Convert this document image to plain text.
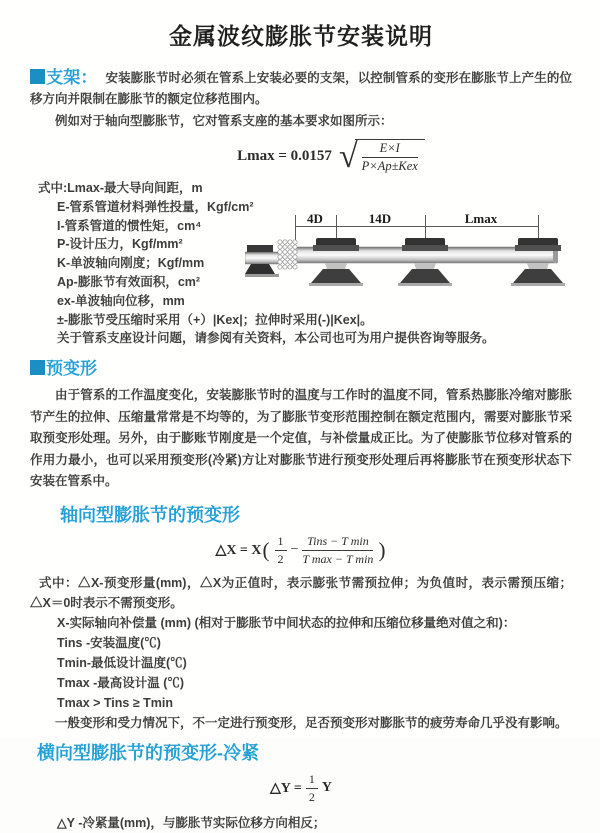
金属波纹膨胀节安装说明

支架： 安装膨胀节时必须在管系上安装必要的支架，以控制管系的变形在膨胀节上产生的位移方向并限制在膨胀节的额定位移范围内。

例如对于轴向型膨胀节，它对管系支座的基本要求如图所示：

Lmax = 0.0157 √	E×I
P×Ap±Kex
式中:Lmax-最大导向间距，m
E-管系管道材料弹性投量，Kgf/cm²
I-管系管道的惯性矩，cm⁴
P-设计压力，Kgf/mm²
K-单波轴向刚度；Kgf/mm
Ap-膨胀节有效面积，cm²
ex-单波轴向位移，mm
±-膨胀节受压缩时采用（+）|Kex|；拉伸时采用(-)|Kex|。
关于管系支座设计问题，请参阅有关资料，本公司也可为用户提供咨询等服务。
4D	14D	Lmax

预变形

由于管系的工作温度变化，安装膨胀节时的温度与工作时的温度不同，管系热膨胀冷缩对膨胀节产生的拉伸、压缩量常常是不均等的，为了膨胀节变形范围控制在额定范围内，需要对膨胀节采取预变形处理。另外，由于膨账节刚度是一个定值，与补偿量成正比。为了使膨胀节位移对管系的作用力最小，也可以采用预变形(冷紧)方让对膨胀节进行预变形处理后再将膨胀节在预变形状态下安装在管系中。

轴向型膨胀节的预变形
△X = X ( $\frac{1}{2}$ −
Tins − T min
T max − T min )

式中：△X-预变形量(mm)，△X为正值时，表示膨张节需预拉伸；为负值时，表示需预压缩；△X＝0时表示不需预变形。

X-实际轴向补偿量 (mm) (相对于膨胀节中间状态的拉伸和压缩位移量绝对值之和)：
Tins -安装温度(℃)
Tmin-最低设计温度(℃)
Tmax -最高设计温 (℃)
Tmax > Tins ≥ Tmin

一般变形和受力情况下，不一定进行预变形，足否预变形对膨胀节的疲劳寿命几乎没有影响。

横向型膨胀节的预变形-冷紧
△Y = $\frac{1}{2}$ Y
△Y -冷紧量(mm)，与膨胀节实际位移方向相反；
